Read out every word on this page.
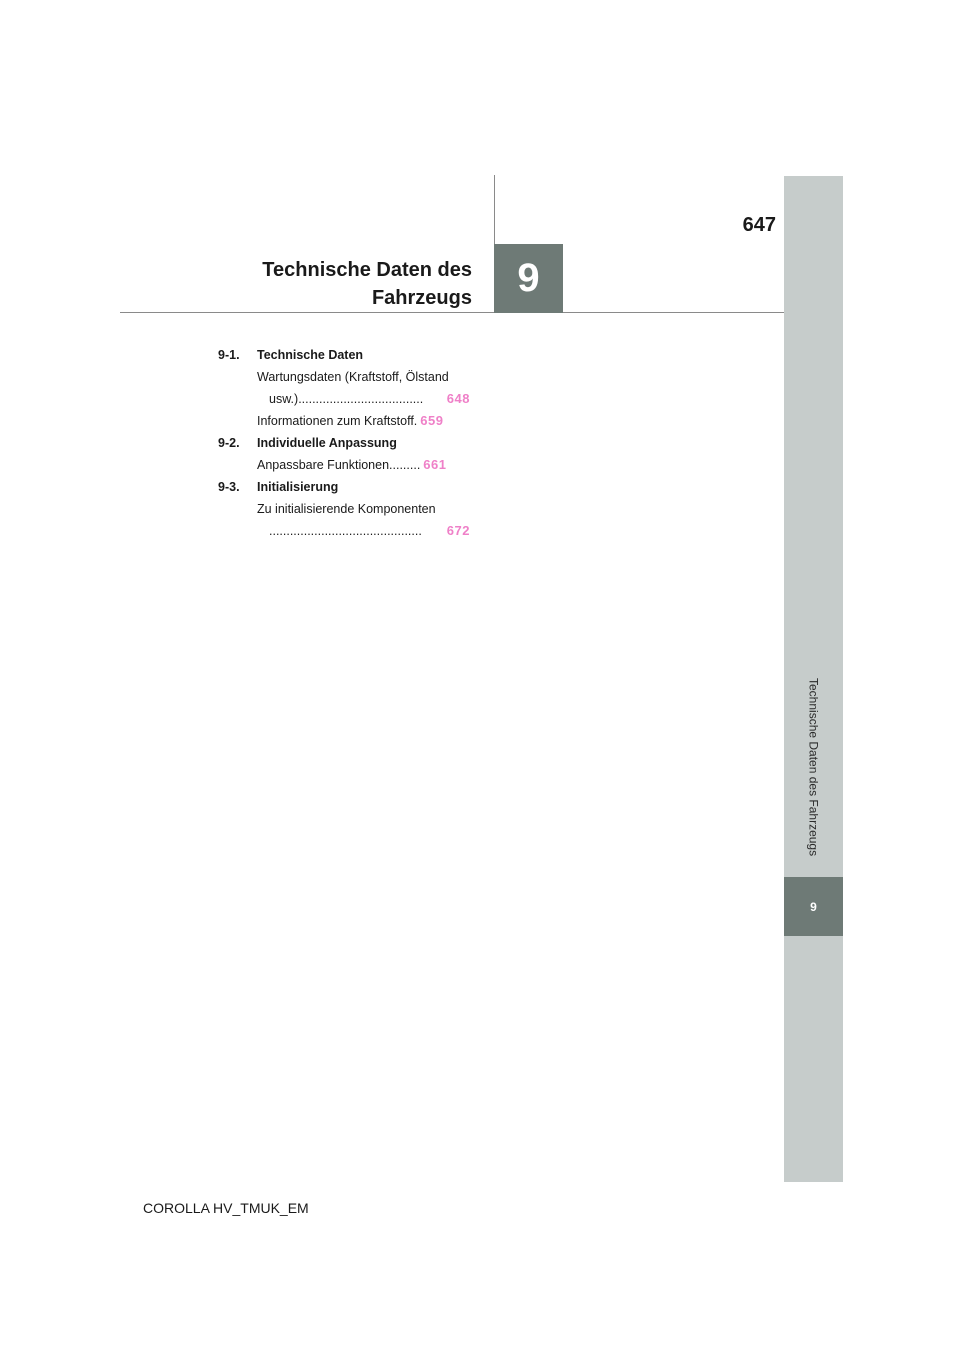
Technische Daten des Fahrzeugs
9
647
Technische Daten des
Fahrzeugs	9
9-1.	Technische Daten
Wartungsdaten (Kraftstoff, Ölstand
usw.) ....................................	648
Informationen zum Kraftstoff . 659
9-2.	Individuelle Anpassung
Anpassbare Funktionen ......... 661
9-3.	Initialisierung
Zu initialisierende Komponenten
............................................	672
COROLLA HV_TMUK_EM
